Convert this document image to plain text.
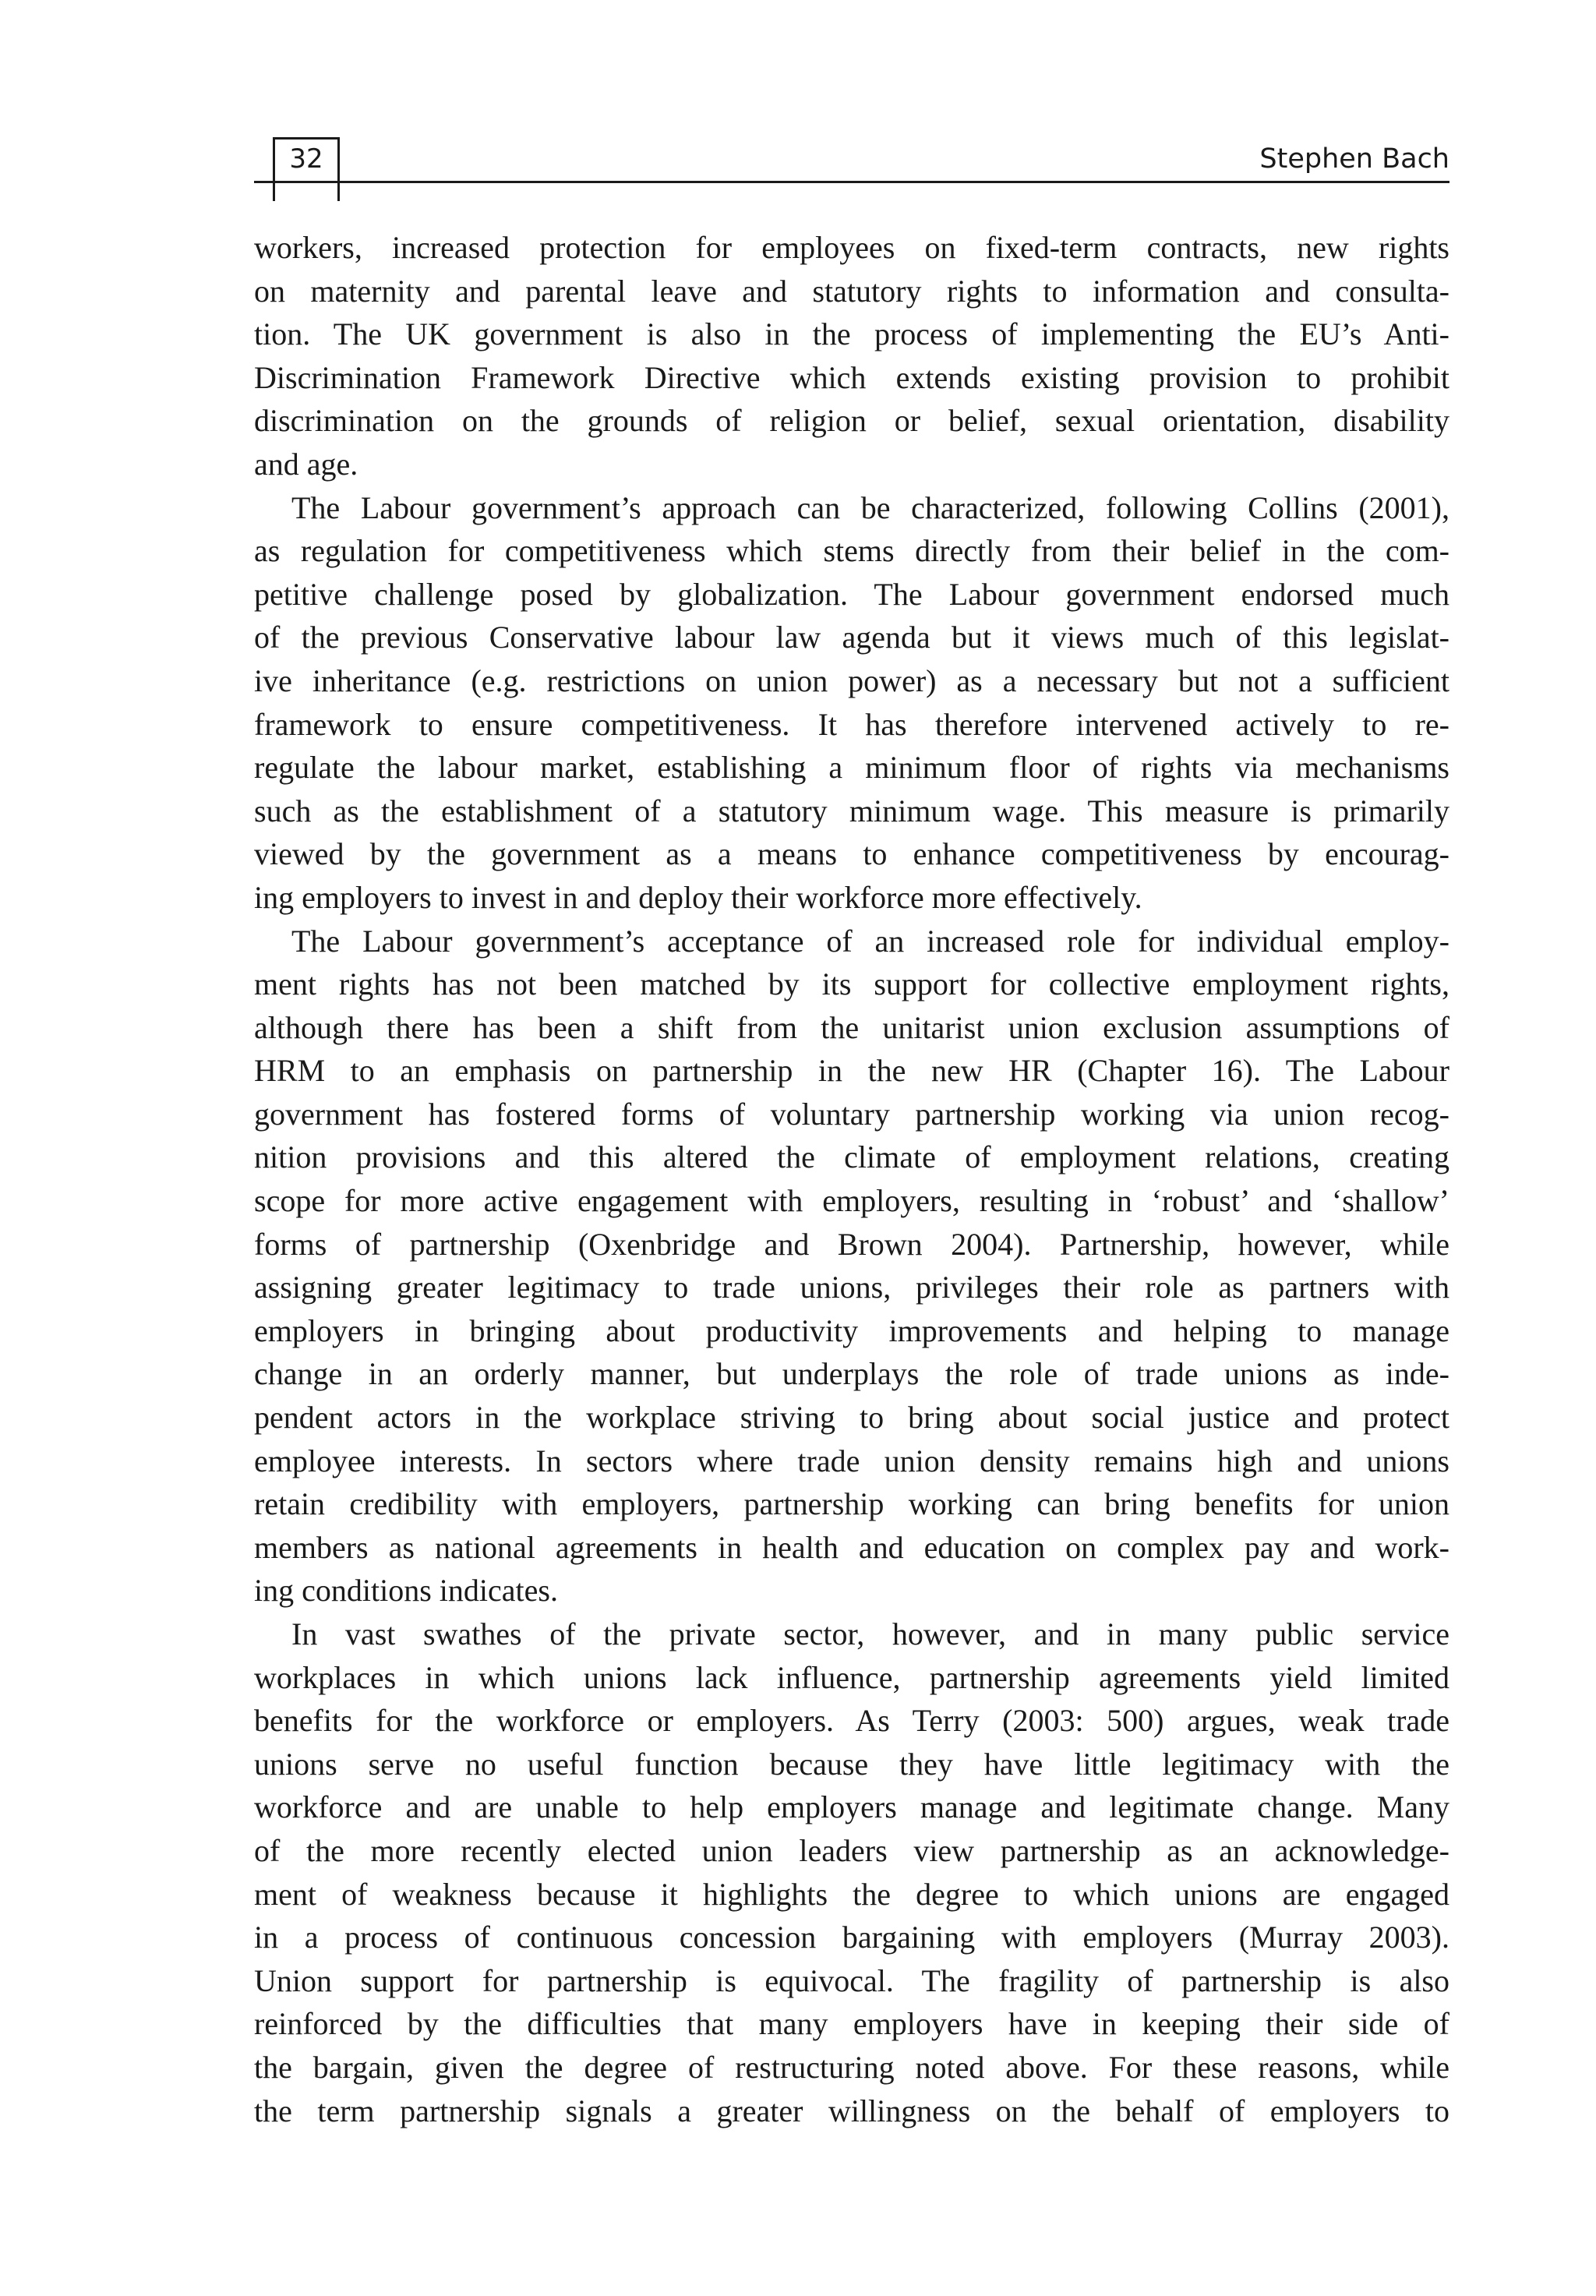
32	Stephen Bach
workers, increased protection for employees on fixed-term contracts, new rights
on maternity and parental leave and statutory rights to information and consulta-
tion. The UK government is also in the process of implementing the EU’s Anti-
Discrimination Framework Directive which extends existing provision to prohibit
discrimination on the grounds of religion or belief, sexual orientation, disability
and age.
The Labour government’s approach can be characterized, following Collins (2001),
as regulation for competitiveness which stems directly from their belief in the com-
petitive challenge posed by globalization. The Labour government endorsed much
of the previous Conservative labour law agenda but it views much of this legislat-
ive inheritance (e.g. restrictions on union power) as a necessary but not a sufficient
framework to ensure competitiveness. It has therefore intervened actively to re-
regulate the labour market, establishing a minimum floor of rights via mechanisms
such as the establishment of a statutory minimum wage. This measure is primarily
viewed by the government as a means to enhance competitiveness by encourag-
ing employers to invest in and deploy their workforce more effectively.
The Labour government’s acceptance of an increased role for individual employ-
ment rights has not been matched by its support for collective employment rights,
although there has been a shift from the unitarist union exclusion assumptions of
HRM to an emphasis on partnership in the new HR (Chapter 16). The Labour
government has fostered forms of voluntary partnership working via union recog-
nition provisions and this altered the climate of employment relations, creating
scope for more active engagement with employers, resulting in ‘robust’ and ‘shallow’
forms of partnership (Oxenbridge and Brown 2004). Partnership, however, while
assigning greater legitimacy to trade unions, privileges their role as partners with
employers in bringing about productivity improvements and helping to manage
change in an orderly manner, but underplays the role of trade unions as inde-
pendent actors in the workplace striving to bring about social justice and protect
employee interests. In sectors where trade union density remains high and unions
retain credibility with employers, partnership working can bring benefits for union
members as national agreements in health and education on complex pay and work-
ing conditions indicates.
In vast swathes of the private sector, however, and in many public service
workplaces in which unions lack influence, partnership agreements yield limited
benefits for the workforce or employers. As Terry (2003: 500) argues, weak trade
unions serve no useful function because they have little legitimacy with the
workforce and are unable to help employers manage and legitimate change. Many
of the more recently elected union leaders view partnership as an acknowledge-
ment of weakness because it highlights the degree to which unions are engaged
in a process of continuous concession bargaining with employers (Murray 2003).
Union support for partnership is equivocal. The fragility of partnership is also
reinforced by the difficulties that many employers have in keeping their side of
the bargain, given the degree of restructuring noted above. For these reasons, while
the term partnership signals a greater willingness on the behalf of employers to
